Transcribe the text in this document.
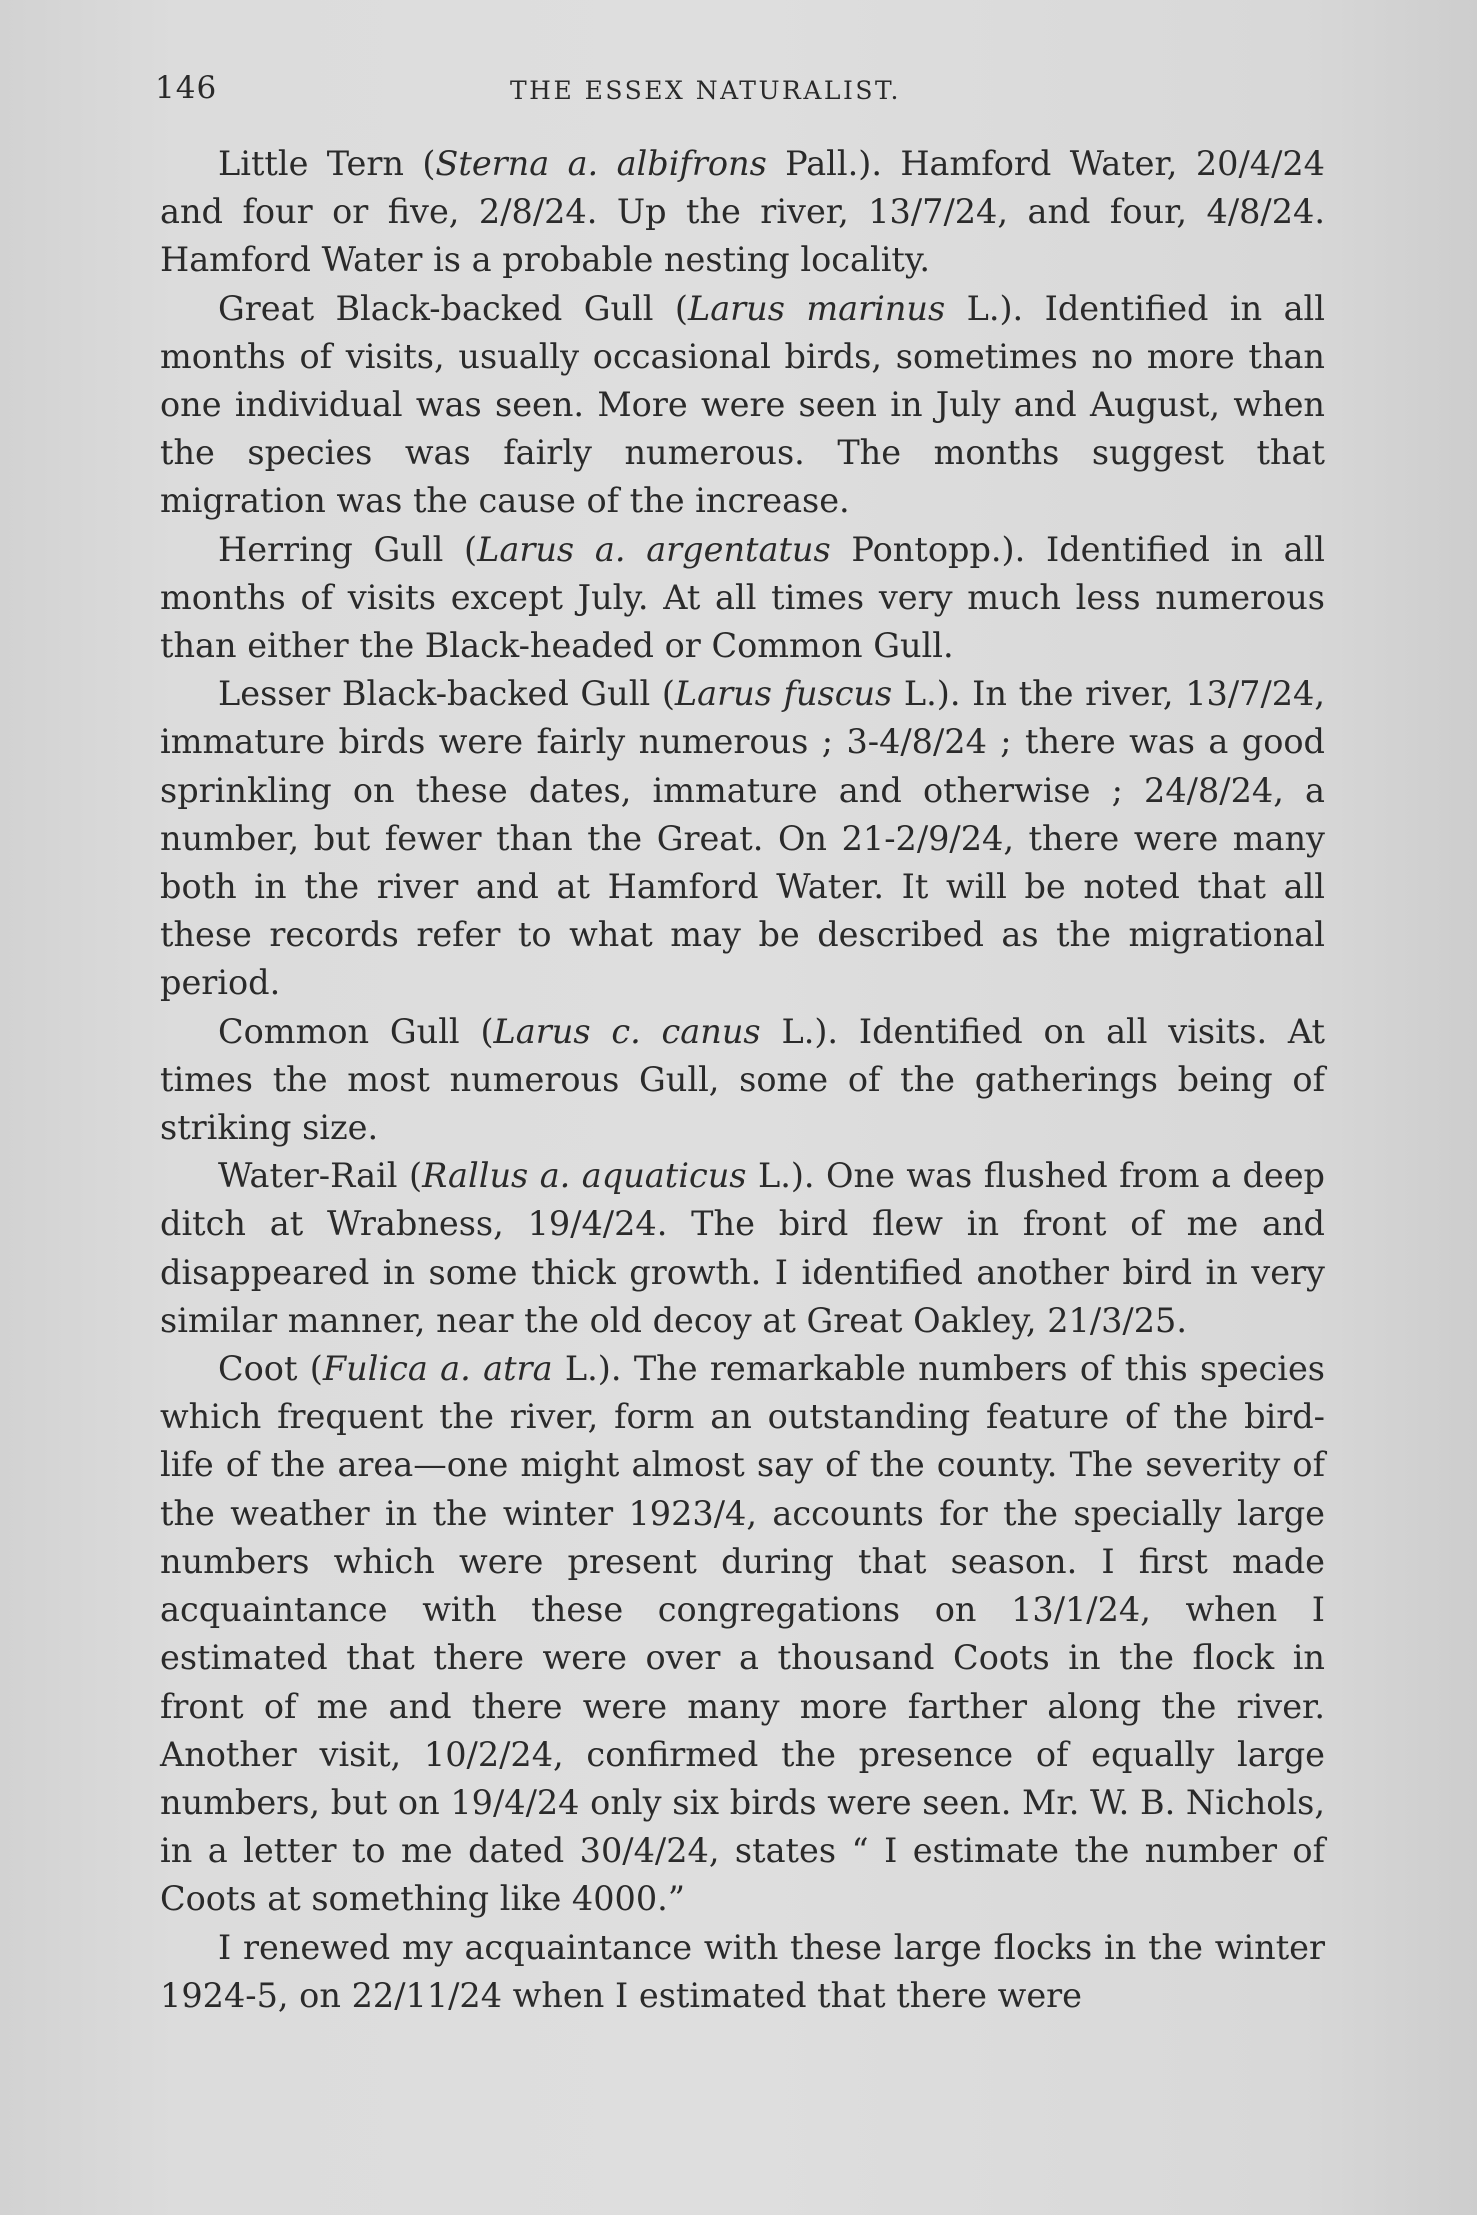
146	THE ESSEX NATURALIST.

Little Tern (Sterna a. albifrons Pall.). Hamford Water, 20/4/24 and four or five, 2/8/24. Up the river, 13/7/24, and four, 4/8/24. Hamford Water is a probable nesting locality.

Great Black-backed Gull (Larus marinus L.). Identified in all months of visits, usually occasional birds, sometimes no more than one individual was seen. More were seen in July and August, when the species was fairly numerous. The months suggest that migration was the cause of the increase.

Herring Gull (Larus a. argentatus Pontopp.). Identified in all months of visits except July. At all times very much less numerous than either the Black-headed or Common Gull.

Lesser Black-backed Gull (Larus fuscus L.). In the river, 13/7/24, immature birds were fairly numerous ; 3-4/8/24 ; there was a good sprinkling on these dates, immature and otherwise ; 24/8/24, a number, but fewer than the Great. On 21-2/9/24, there were many both in the river and at Hamford Water. It will be noted that all these records refer to what may be described as the migrational period.

Common Gull (Larus c. canus L.). Identified on all visits. At times the most numerous Gull, some of the gatherings being of striking size.

Water-Rail (Rallus a. aquaticus L.). One was flushed from a deep ditch at Wrabness, 19/4/24. The bird flew in front of me and disappeared in some thick growth. I identified another bird in very similar manner, near the old decoy at Great Oakley, 21/3/25.

Coot (Fulica a. atra L.). The remarkable numbers of this species which frequent the river, form an outstanding feature of the bird-life of the area—one might almost say of the county. The severity of the weather in the winter 1923/4, accounts for the specially large numbers which were present during that season. I first made acquaintance with these congregations on 13/1/24, when I estimated that there were over a thousand Coots in the flock in front of me and there were many more farther along the river. Another visit, 10/2/24, confirmed the presence of equally large numbers, but on 19/4/24 only six birds were seen. Mr. W. B. Nichols, in a letter to me dated 30/4/24, states “ I estimate the number of Coots at something like 4000.”

I renewed my acquaintance with these large flocks in the winter 1924-5, on 22/11/24 when I estimated that there were
